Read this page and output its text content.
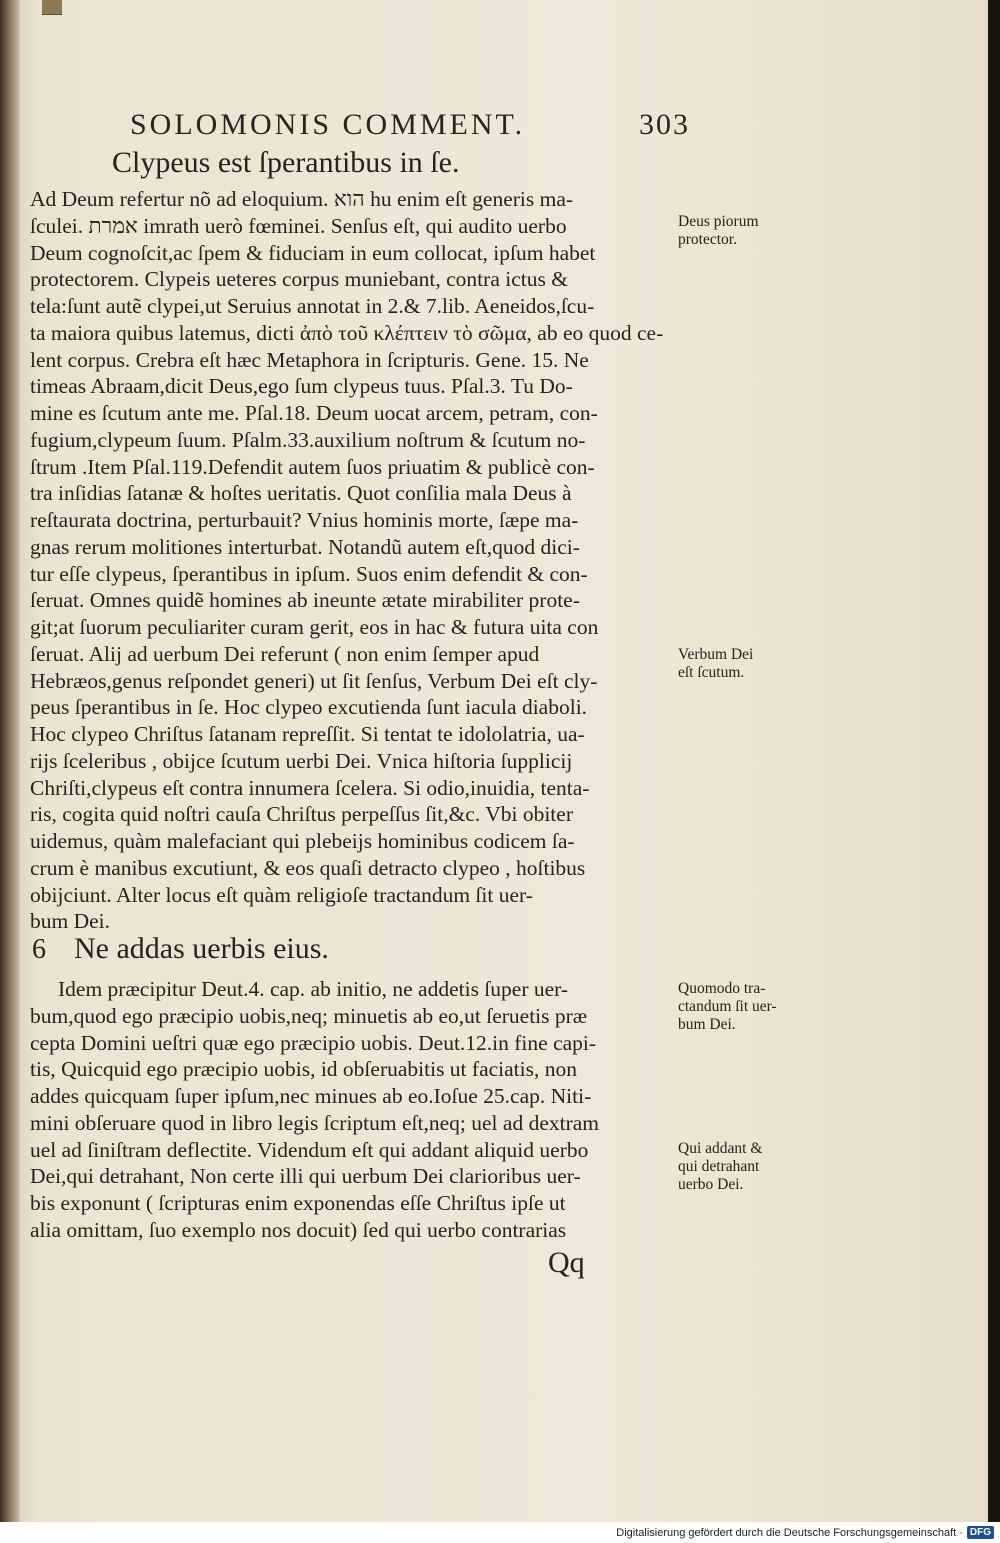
SOLOMONIS COMMENT.	303
Clypeus est ſperantibus in ſe.
Ad Deum refertur nõ ad eloquium. הוא hu enim eſt generis ma-
ſculei. אמרת imrath uerò fœminei. Senſus eſt, qui audito uerbo
Deum cognoſcit,ac ſpem & fiduciam in eum collocat, ipſum habet
protectorem. Clypeis ueteres corpus muniebant, contra ictus &
tela:ſunt autẽ clypei,ut Seruius annotat in 2.& 7.lib. Aeneidos,ſcu-
ta maiora quibus latemus, dicti ἀπὸ τοῦ κλέπτειν τὸ σῶμα, ab eo quod ce-
lent corpus. Crebra eſt hæc Metaphora in ſcripturis. Gene. 15. Ne
timeas Abraam,dicit Deus,ego ſum clypeus tuus. Pſal.3. Tu Do-
mine es ſcutum ante me. Pſal.18. Deum uocat arcem, petram, con-
fugium,clypeum ſuum. Pſalm.33.auxilium noſtrum & ſcutum no-
ſtrum .Item Pſal.119.Defendit autem ſuos priuatim & publicè con-
tra inſidias ſatanæ & hoſtes ueritatis. Quot conſilia mala Deus à
reſtaurata doctrina, perturbauit? Vnius hominis morte, ſæpe ma-
gnas rerum molitiones interturbat. Notandũ autem eſt,quod dici-
tur eſſe clypeus, ſperantibus in ipſum. Suos enim defendit & con-
ſeruat. Omnes quidẽ homines ab ineunte ætate mirabiliter prote-
git;at ſuorum peculiariter curam gerit, eos in hac & futura uita con
ſeruat. Alij ad uerbum Dei referunt ( non enim ſemper apud
Hebræos,genus reſpondet generi) ut ſit ſenſus, Verbum Dei eſt cly-
peus ſperantibus in ſe. Hoc clypeo excutienda ſunt iacula diaboli.
Hoc clypeo Chriſtus ſatanam repreſſit. Si tentat te idololatria, ua-
rijs ſceleribus , obijce ſcutum uerbi Dei. Vnica hiſtoria ſupplicij
Chriſti,clypeus eſt contra innumera ſcelera. Si odio,inuidia, tenta-
ris, cogita quid noſtri cauſa Chriſtus perpeſſus ſit,&c. Vbi obiter
uidemus, quàm malefaciant qui plebeijs hominibus codicem ſa-
crum è manibus excutiunt, & eos quaſi detracto clypeo , hoſtibus
obijciunt. Alter locus eſt quàm religioſe tractandum ſit uer-
bum Dei.
6 Ne addas uerbis eius.
Idem præcipitur Deut.4. cap. ab initio, ne addetis ſuper uer-
bum,quod ego præcipio uobis,neq; minuetis ab eo,ut ſeruetis præ
cepta Domini ueſtri quæ ego præcipio uobis. Deut.12.in fine capi-
tis, Quicquid ego præcipio uobis, id obſeruabitis ut faciatis, non
addes quicquam ſuper ipſum,nec minues ab eo.Ioſue 25.cap. Niti-
mini obſeruare quod in libro legis ſcriptum eſt,neq; uel ad dextram
uel ad ſiniſtram deflectite. Videndum eſt qui addant aliquid uerbo
Dei,qui detrahant, Non certe illi qui uerbum Dei clarioribus uer-
bis exponunt ( ſcripturas enim exponendas eſſe Chriſtus ipſe ut
alia omittam, ſuo exemplo nos docuit) ſed qui uerbo contrarias
Deus piorum
protector.
Verbum Dei
eſt ſcutum.
Quomodo tra-
ctandum ſit uer-
bum Dei.
Qui addant &
qui detrahant
uerbo Dei.
Qq
Digitalisierung gefördert durch die Deutsche Forschungsgemeinschaft · DFG
